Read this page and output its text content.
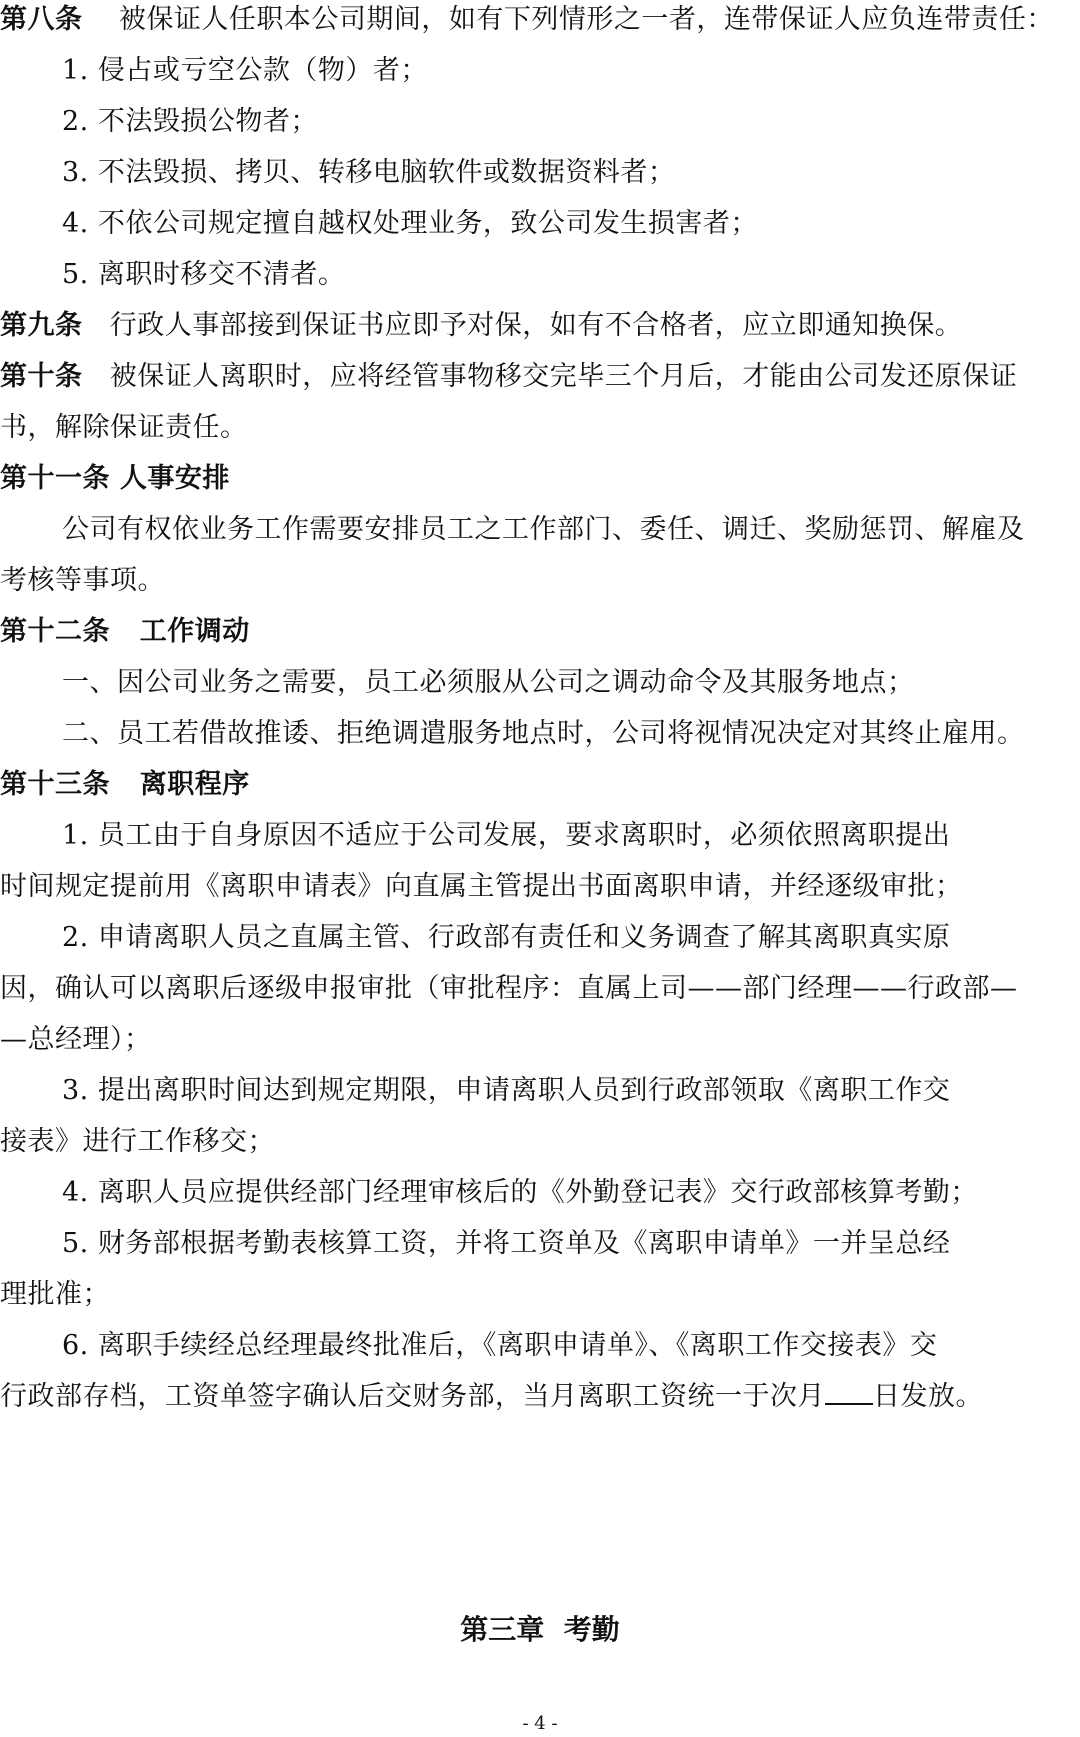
第八条 被保证人任职本公司期间，如有下列情形之一者，连带保证人应负连带责任：
1. 侵占或亏空公款（物）者；
2. 不法毁损公物者；
3. 不法毁损、拷贝、转移电脑软件或数据资料者；
4. 不依公司规定擅自越权处理业务，致公司发生损害者；
5. 离职时移交不清者。
第九条 行政人事部接到保证书应即予对保，如有不合格者，应立即通知换保。
第十条 被保证人离职时，应将经管事物移交完毕三个月后，才能由公司发还原保证
书，解除保证责任。
第十一条 人事安排
公司有权依业务工作需要安排员工之工作部门、委任、调迁、奖励惩罚、解雇及
考核等事项。
第十二条 工作调动
一、因公司业务之需要，员工必须服从公司之调动命令及其服务地点；
二、员工若借故推诿、拒绝调遣服务地点时，公司将视情况决定对其终止雇用。
第十三条 离职程序
1. 员工由于自身原因不适应于公司发展，要求离职时，必须依照离职提出
时间规定提前用《离职申请表》向直属主管提出书面离职申请，并经逐级审批；
2. 申请离职人员之直属主管、行政部有责任和义务调查了解其离职真实原
因，确认可以离职后逐级申报审批（审批程序：直属上司——部门经理——行政部—
—总经理）；
3. 提出离职时间达到规定期限，申请离职人员到行政部领取《离职工作交
接表》进行工作移交；
4. 离职人员应提供经部门经理审核后的《外勤登记表》交行政部核算考勤；
5. 财务部根据考勤表核算工资，并将工资单及《离职申请单》一并呈总经
理批准；
6. 离职手续经总经理最终批准后，《离职申请单》、《离职工作交接表》交
行政部存档，工资单签字确认后交财务部，当月离职工资统一于次月 日发放。
第三章  考勤
- 4 -
